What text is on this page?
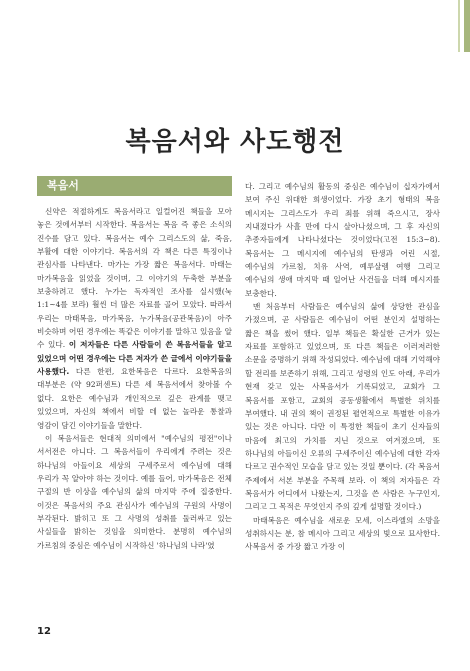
복음서와 사도행전
복음서

신약은 적절하게도 복음서라고 일컬어진 책들을 모아 놓은 것에서부터 시작한다. 복음서는 복음 즉 좋은 소식의 진수를 담고 있다. 복음서는 예수 그리스도의 삶, 죽음, 부활에 대한 이야기다. 복음서의 각 책은 다른 특징이나 관심사를 나타낸다. 마가는 가장 짧은 복음서다. 마태는 마가복음을 읽었을 것이며, 그 이야기의 두축한 부분을 보충하려고 했다. 누가는 독자적인 조사를 실시했(눅 1:1~4를 보라) 훨씬 더 많은 자료를 골어 모았다. 따라서 우리는 마태복음, 마가복음, 누가복음(공관복음)이 아주 비슷하며 어떤 경우에는 똑같은 이야기를 말하고 있음을 알 수 있다. 이 저자들은 다른 사람들이 쓴 복음서들을 알고 있었으며 어떤 경우에는 다른 저자가 쓴 글에서 이야기들을 사용했다. 다른 한편, 요한복음은 다르다. 요한복음의 대부분은 (약 92퍼센트) 다른 세 복음서에서 찾아볼 수 없다. 요한은 예수님과 개인적으로 깊은 관계를 맺고 있었으며, 자신의 책에서 비할 데 없는 놀라운 통찰과 영감이 담긴 이야기들을 말한다.

이 복음서들은 현대적 의미에서 "예수님의 평전"이나 서서전은 아니다. 그 복음서들이 우리에게 주려는 것은 하나님의 아들이요 세상의 구세주로서 예수님에 대해 우리가 꼭 알아야 하는 것이다. 예를 들어, 마가복음은 전체 구절의 반 이상을 예수님의 삶의 마지막 주에 집중한다. 이것은 복음서의 주요 관심사가 예수님의 구원의 사명이 부각된다. 밝히고 또 그 사명의 성취를 둘러싸고 있는 사실들을 밝히는 것임을 의미한다. 분명히 예수님의 가르침의 중심은 예수님이 시작하신 '하나님의 나라'였

다. 그리고 예수님의 활동의 중심은 예수님이 십자가에서 보여 주신 위대한 희생이었다. 가장 초기 형태의 복음 메시지는 그리스도가 우리 죄를 위해 죽으시고, 장사 지내졌다가 사흘 만에 다시 살아나셨으며, 그 후 자신의 추종자들에게 나타나셨다는 것이었다(고전 15:3~8). 복음서는 그 메시지에 예수님의 탄생과 어린 시절, 예수님의 가르침, 치유 사역, 예루살렘 여행 그리고 예수님의 생애 마지막 때 일어난 사건들을 더해 메시지를 보충한다.

맨 처음부터 사람들은 예수님의 삶에 상당한 관심을 가졌으며, 곧 사람들은 예수님이 어떤 분인지 설명하는 짧은 책을 썼어 했다. 일부 책들은 확실한 근거가 있는 자료를 포함하고 있었으며, 또 다른 책들은 이러저러한 소문을 증명하기 위해 작성되었다. 예수님에 대해 기억해야 할 전리를 보존하기 위해, 그리고 성령의 인도 아래, 우리가 현재 갖고 있는 사복음서가 기록되었고, 교회가 그 복음서를 포함고, 교회의 공동생활에서 특별한 위치를 부여했다. 내 권의 책이 권정된 펼연적으로 특별한 이유가 있는 것은 아니다. 다만 이 특정한 책들이 초기 신자들의 마음에 최고의 가치를 지닌 것으로 여겨졌으며, 또 하나님의 아들이신 오류의 구세주이신 예수님에 대한 각자 다르고 권수적인 모습을 담고 있는 것일 뿐이다. (각 복음서 주제에서 서본 부분을 주목해 보라. 이 책의 저자들은 각 복음서가 어디에서 나왔는지, 그것을 쓴 사람은 누구인지, 그리고 그 목적은 무엇인지 주의 깊게 설명할 것이다.)

마태복음은 예수님을 새로운 모세, 이스라엘의 소망을 성취하시는 분, 참 메시아 그리고 세상의 빛으로 묘사한다. 사복음서 중 가장 짧고 가장 이

12
